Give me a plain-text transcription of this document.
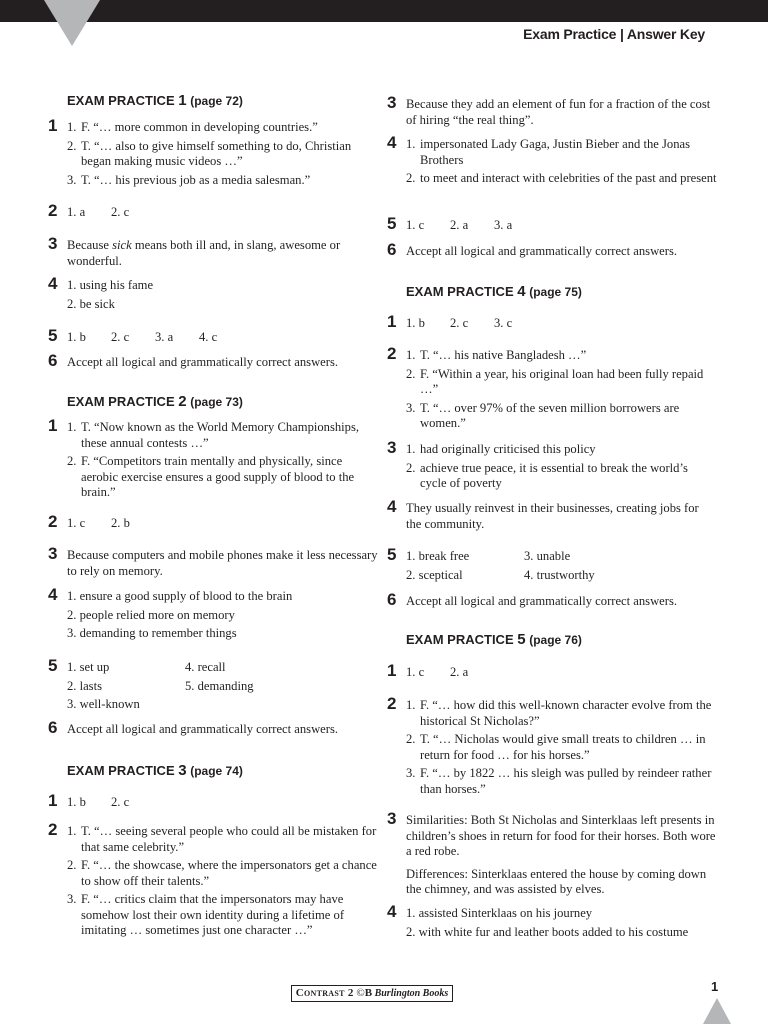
Exam Practice | Answer Key
EXAM PRACTICE 1 (page 72)
1 1. F. “… more common in developing countries.”
2. T. “… also to give himself something to do, Christian began making music videos …”
3. T. “… his previous job as a media salesman.”
2 1. a	2. c
3 Because sick means both ill and, in slang, awesome or wonderful.
4 1. using his fame
2. be sick
5 1. b	2. c	3. a	4. c
6 Accept all logical and grammatically correct answers.
EXAM PRACTICE 2 (page 73)
1 1. T. “Now known as the World Memory Championships, these annual contests …”
2. F. “Competitors train mentally and physically, since aerobic exercise ensures a good supply of blood to the brain.”
2 1. c	2. b
3 Because computers and mobile phones make it less necessary to rely on memory.
4 1. ensure a good supply of blood to the brain
2. people relied more on memory
3. demanding to remember things
5 1. set up	4. recall
2. lasts	5. demanding
3. well-known
6 Accept all logical and grammatically correct answers.
EXAM PRACTICE 3 (page 74)
1 1. b	2. c
2 1. T. “… seeing several people who could all be mistaken for that same celebrity.”
2. F. “… the showcase, where the impersonators get a chance to show off their talents.”
3. F. “… critics claim that the impersonators may have somehow lost their own identity during a lifetime of imitating … sometimes just one character …”
3 Because they add an element of fun for a fraction of the cost of hiring “the real thing”.
4 1. impersonated Lady Gaga, Justin Bieber and the Jonas Brothers
2. to meet and interact with celebrities of the past and present
5 1. c	2. a	3. a
6 Accept all logical and grammatically correct answers.
EXAM PRACTICE 4 (page 75)
1 1. b	2. c	3. c
2 1. T. “… his native Bangladesh …”
2. F. “Within a year, his original loan had been fully repaid …”
3. T. “… over 97% of the seven million borrowers are women.”
3 1. had originally criticised this policy
2. achieve true peace, it is essential to break the world’s cycle of poverty
4 They usually reinvest in their businesses, creating jobs for the community.
5 1. break free	3. unable
2. sceptical	4. trustworthy
6 Accept all logical and grammatically correct answers.
EXAM PRACTICE 5 (page 76)
1 1. c	2. a
2 1. F. “… how did this well-known character evolve from the historical St Nicholas?”
2. T. “… Nicholas would give small treats to children … in return for food … for his horses.”
3. F. “… by 1822 … his sleigh was pulled by reindeer rather than horses.”
3 Similarities: Both St Nicholas and Sinterklaas left presents in children’s shoes in return for food for their horses. Both wore a red robe.
Differences: Sinterklaas entered the house by coming down the chimney, and was assisted by elves.
4 1. assisted Sinterklaas on his journey
2. with white fur and leather boots added to his costume
Contrast 2 ©B Burlington Books	1
